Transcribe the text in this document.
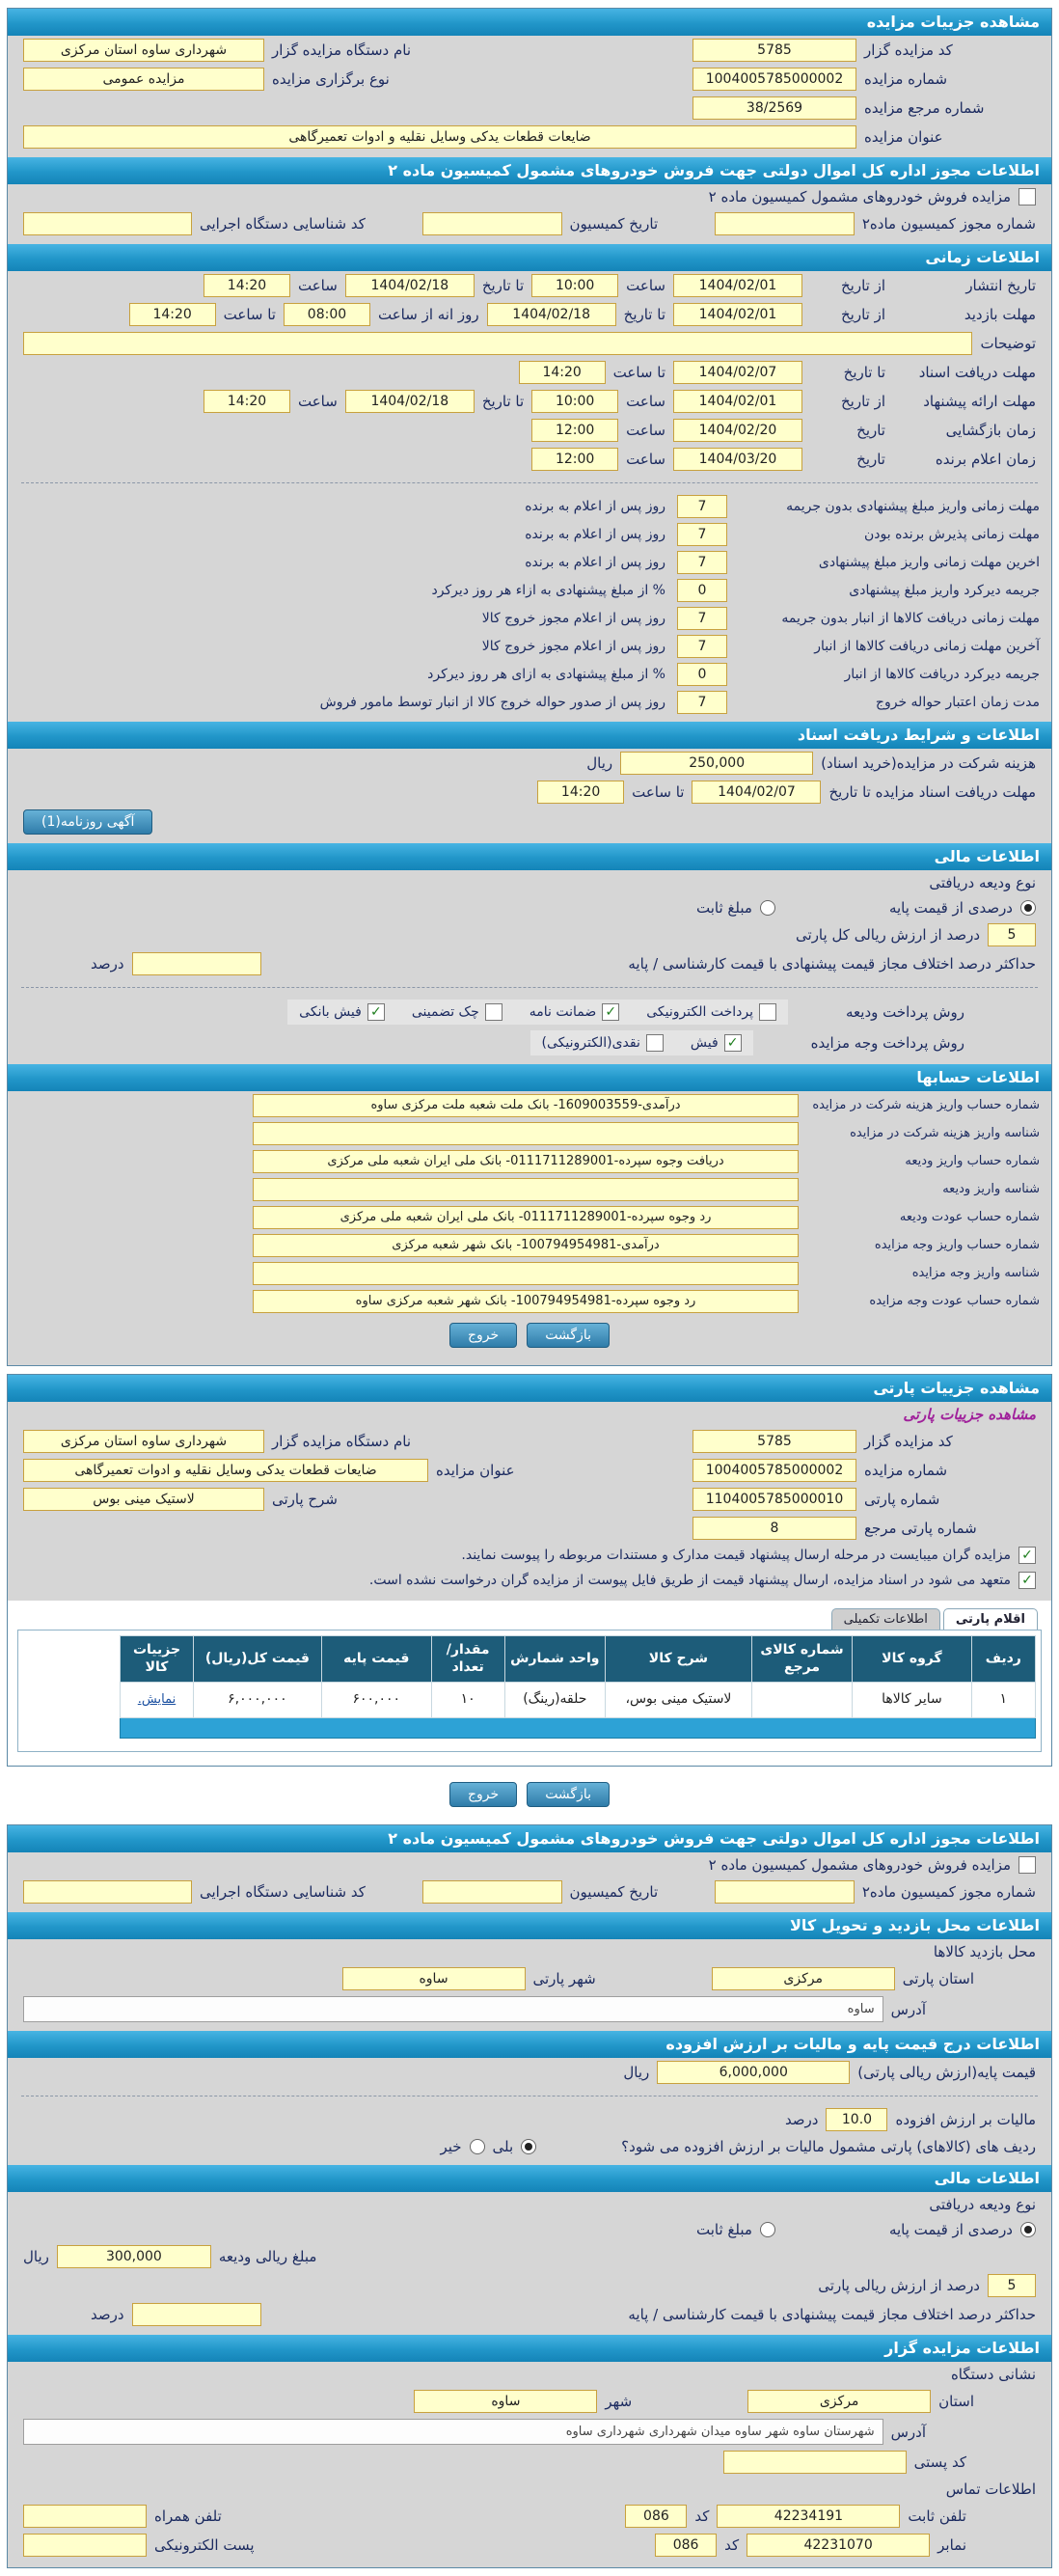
مشاهده جزییات مزایده
کد مزایده گزار
5785
نام دستگاه مزایده گزار
شهرداری ساوه استان مرکزی
شماره مزایده
1004005785000002
نوع برگزاری مزایده
مزایده عمومی
شماره مرجع مزایده
38/2569
عنوان مزایده
ضایعات قطعات یدکی وسایل نقلیه و ادوات تعمیرگاهی
اطلاعات مجوز اداره کل اموال دولتی جهت فروش خودروهای مشمول کمیسیون ماده ۲
مزایده فروش خودروهای مشمول کمیسیون ماده ۲
شماره مجوز کمیسیون ماده۲
تاریخ کمیسیون
کد شناسایی دستگاه اجرایی
اطلاعات زمانی
تاریخ انتشار
از تاریخ
1404/02/01
ساعت
10:00
تا تاریخ
1404/02/18
ساعت
14:20
مهلت بازدید
از تاریخ
1404/02/01
تا تاریخ
1404/02/18
روز انه از ساعت
08:00
تا ساعت
14:20
توضیحات
مهلت دریافت اسناد
تا تاریخ
1404/02/07
تا ساعت
14:20
مهلت ارائه پیشنهاد
از تاریخ
1404/02/01
ساعت
10:00
تا تاریخ
1404/02/18
ساعت
14:20
زمان بازگشایی
تاریخ
1404/02/20
ساعت
12:00
زمان اعلام برنده
تاریخ
1404/03/20
ساعت
12:00
مهلت زمانی واریز مبلغ پیشنهادی بدون جریمه
7
روز پس از اعلام به برنده
مهلت زمانی پذیرش برنده بودن
7
روز پس از اعلام به برنده
اخرین مهلت زمانی واریز مبلغ پیشنهادی
7
روز پس از اعلام به برنده
جریمه دیرکرد واریز مبلغ پیشنهادی
0
% از مبلغ پیشنهادی به ازاء هر روز دیرکرد
مهلت زمانی دریافت کالاها از انبار بدون جریمه
7
روز پس از اعلام مجوز خروج کالا
آخرین مهلت زمانی دریافت کالاها از انبار
7
روز پس از اعلام مجوز خروج کالا
جریمه دیرکرد دریافت کالاها از انبار
0
% از مبلغ پیشنهادی به ازای هر روز دیرکرد
مدت زمان اعتبار حواله خروج
7
روز پس از صدور حواله خروج کالا از انبار توسط مامور فروش
اطلاعات و شرایط دریافت اسناد
هزینه شرکت در مزایده(خرید اسناد)
250,000
ریال
مهلت دریافت اسناد مزایده تا تاریخ
1404/02/07
تا ساعت
14:20
آگهی روزنامه(1)
اطلاعات مالی
نوع ودیعه دریافتی
درصدی از قیمت پایه
مبلغ ثابت
5
درصد از ارزش ریالی کل پارتی
حداکثر درصد اختلاف مجاز قیمت پیشنهادی با قیمت کارشناسی / پایه
درصد
روش پرداخت ودیعه
پرداخت الکترونیکی
✓
ضمانت نامه
چک تضمینی
✓
فیش بانکی
روش پرداخت وجه مزایده
✓
فیش
نقدی(الکترونیکی)
اطلاعات حسابها
شماره حساب واریز هزینه شرکت در مزایده
درآمدی-1609003559- بانک ملت شعبه ملت مرکزی ساوه
شناسه واریز هزینه شرکت در مزایده
شماره حساب واریز ودیعه
دریافت وجوه سپرده-0111711289001- بانک ملی ایران شعبه ملی مرکزی
شناسه واریز ودیعه
شماره حساب عودت ودیعه
رد وجوه سپرده-0111711289001- بانک ملی ایران شعبه ملی مرکزی
شماره حساب واریز وجه مزایده
درآمدی-100794954981- بانک شهر شعبه مرکزی
شناسه واریز وجه مزایده
شماره حساب عودت وجه مزایده
رد وجوه سپرده-100794954981- بانک شهر شعبه مرکزی ساوه
بازگشت
خروج
مشاهده جزییات پارتی
مشاهده جزییات پارتی
کد مزایده گزار
5785
نام دستگاه مزایده گزار
شهرداری ساوه استان مرکزی
شماره مزایده
1004005785000002
عنوان مزایده
ضایعات قطعات یدکی وسایل نقلیه و ادوات تعمیرگاهی
شماره پارتی
1104005785000010
شرح پارتی
لاستیک مینی بوس
شماره پارتی مرجع
8
✓
مزایده گران میبایست در مرحله ارسال پیشنهاد قیمت مدارک و مستندات مربوطه را پیوست نمایند.
✓
متعهد می شود در اسناد مزایده، ارسال پیشنهاد قیمت از طریق فایل پیوست از مزایده گران درخواست نشده است.
اقلام پارتی
اطلاعات تکمیلی
ردیف	گروه کالا	شماره کالای مرجع	شرح کالا	واحد شمارش	مقدار/ تعداد	قیمت پایه	قیمت کل(ریال)	جزییات کالا
۱	سایر کالاها		لاستیک مینی بوس،	حلقه(رینگ)	۱۰	۶۰۰,۰۰۰	۶,۰۰۰,۰۰۰	نمایش.
بازگشت
خروج
اطلاعات مجوز اداره کل اموال دولتی جهت فروش خودروهای مشمول کمیسیون ماده ۲
مزایده فروش خودروهای مشمول کمیسیون ماده ۲
شماره مجوز کمیسیون ماده۲
تاریخ کمیسیون
کد شناسایی دستگاه اجرایی
اطلاعات محل بازدید و تحویل کالا
محل بازدید کالاها
استان پارتی
مرکزی
شهر پارتی
ساوه
آدرس
ساوه
اطلاعات درج قیمت پایه و مالیات بر ارزش افزوده
قیمت پایه(ارزش ریالی پارتی)
6,000,000
ریال
مالیات بر ارزش افزوده
10.0
درصد
ردیف های (کالاهای) پارتی مشمول مالیات بر ارزش افزوده می شود؟
بلی
خیر
اطلاعات مالی
نوع ودیعه دریافتی
درصدی از قیمت پایه
مبلغ ثابت
مبلغ ریالی ودیعه
300,000
ریال
5
درصد از ارزش ریالی پارتی
حداکثر درصد اختلاف مجاز قیمت پیشنهادی با قیمت کارشناسی / پایه
درصد
اطلاعات مزایده گزار
نشانی دستگاه
استان
مرکزی
شهر
ساوه
آدرس
شهرستان ساوه شهر ساوه میدان شهرداری شهرداری ساوه
کد پستی
اطلاعات تماس
تلفن ثابت
42234191
کد
086
تلفن همراه
نمابر
42231070
کد
086
پست الکترونیکی
